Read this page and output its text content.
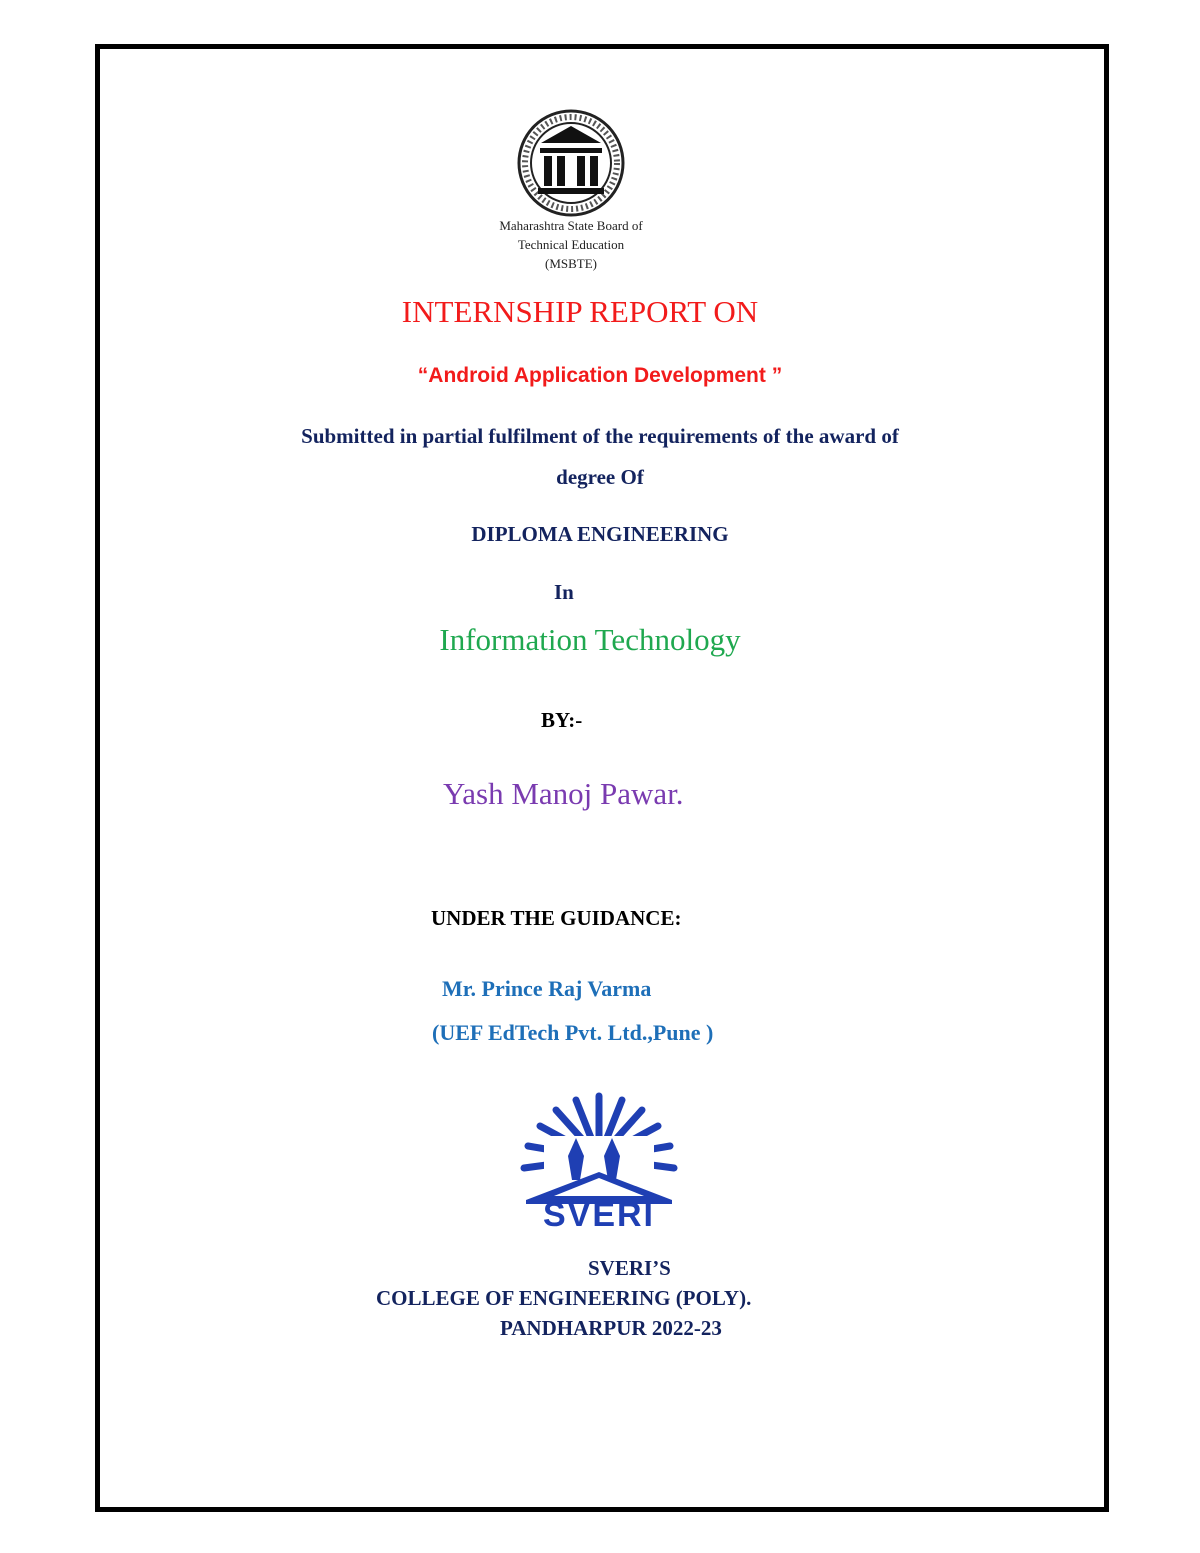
Maharashtra State Board of
Technical Education
(MSBTE)
INTERNSHIP REPORT ON
“Android Application Development ”
Submitted in partial fulfilment of the requirements of the award of
degree Of
DIPLOMA ENGINEERING
In
Information Technology
BY:-
Yash Manoj Pawar.
UNDER THE GUIDANCE:
Mr. Prince Raj Varma
(UEF EdTech Pvt. Ltd.,Pune )
SVERI
SVERI’S
COLLEGE OF ENGINEERING (POLY).
PANDHARPUR 2022-23
